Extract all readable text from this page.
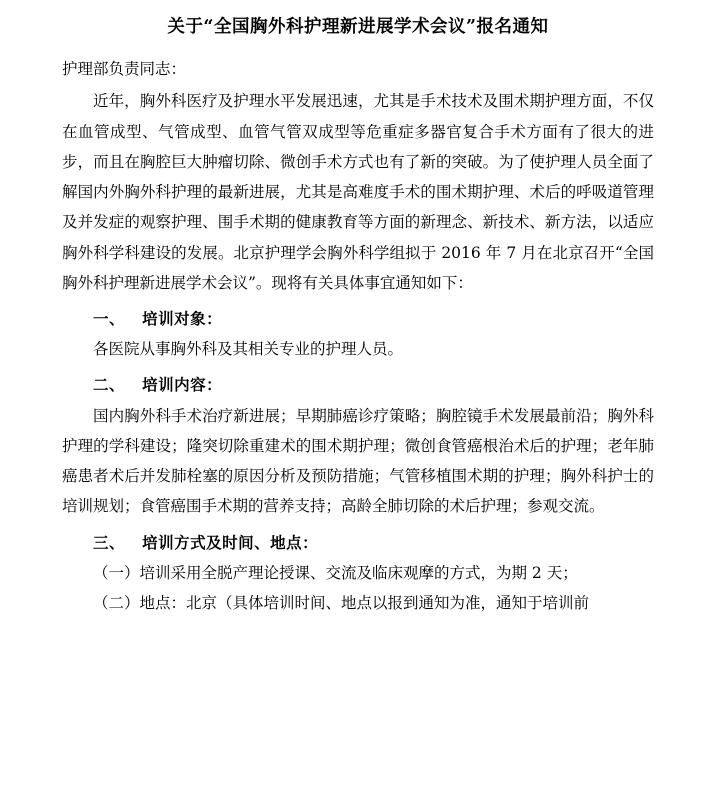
关于“全国胸外科护理新进展学术会议”报名通知

护理部负责同志：

近年，胸外科医疗及护理水平发展迅速，尤其是手术技术及围术期护理方面，不仅在血管成型、气管成型、血管气管双成型等危重症多器官复合手术方面有了很大的进步，而且在胸腔巨大肿瘤切除、微创手术方式也有了新的突破。为了使护理人员全面了解国内外胸外科护理的最新进展，尤其是高难度手术的围术期护理、术后的呼吸道管理及并发症的观察护理、围手术期的健康教育等方面的新理念、新技术、新方法，以适应胸外科学科建设的发展。北京护理学会胸外科学组拟于 2016 年 7 月在北京召开“全国胸外科护理新进展学术会议”。现将有关具体事宜通知如下：

一、 培训对象：

各医院从事胸外科及其相关专业的护理人员。

二、 培训内容：

国内胸外科手术治疗新进展；早期肺癌诊疗策略；胸腔镜手术发展最前沿；胸外科护理的学科建设；隆突切除重建术的围术期护理；微创食管癌根治术后的护理；老年肺癌患者术后并发肺栓塞的原因分析及预防措施；气管移植围术期的护理；胸外科护士的培训规划；食管癌围手术期的营养支持；高龄全肺切除的术后护理；参观交流。

三、 培训方式及时间、地点：

（一）培训采用全脱产理论授课、交流及临床观摩的方式，为期 2 天；

（二）地点：北京（具体培训时间、地点以报到通知为准，通知于培训前
